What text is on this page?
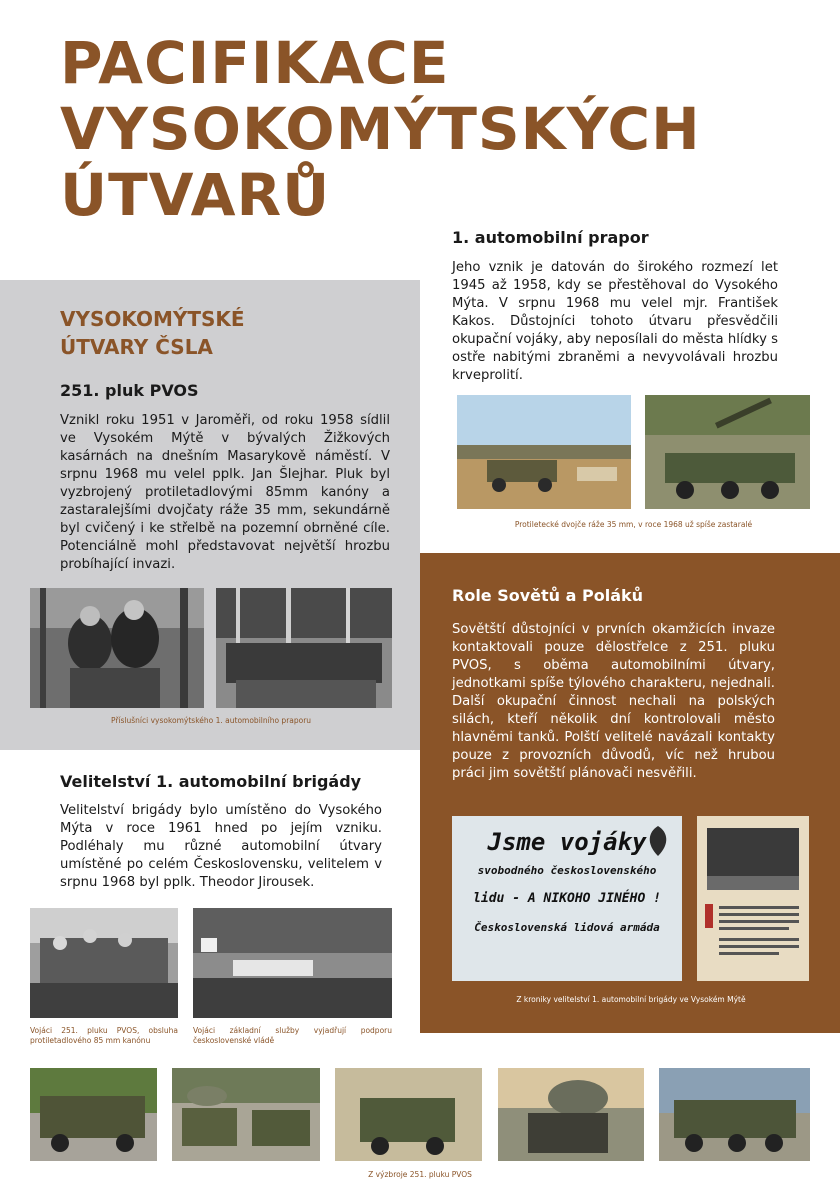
PACIFIKACE
VYSOKOMÝTSKÝCH
ÚTVARŮ

VYSOKOMÝTSKÉ

ÚTVARY ČSLA

251. pluk PVOS

Vznikl roku 1951 v Jaroměři, od roku 1958 sídlil ve Vysokém Mýtě v bývalých Žižkových kasárnách na dnešním Masarykově náměstí. V srpnu 1968 mu velel pplk. Jan Šlejhar. Pluk byl vyzbrojený protiletadlovými 85mm kanóny a zastaralejšími dvojčaty ráže 35 mm, sekundárně byl cvičený i ke střelbě na pozemní obrněné cíle. Potenciálně mohl představovat největší hrozbu probíhající invazi.

Příslušníci vysokomýtského 1. automobilního praporu

1. automobilní prapor

Jeho vznik je datován do širokého rozmezí let 1945 až 1958, kdy se přestěhoval do Vysokého Mýta. V srpnu 1968 mu velel mjr. František Kakos. Důstojníci tohoto útvaru přesvědčili okupační vojáky, aby neposílali do města hlídky s ostře nabitými zbraněmi a nevyvolávali hrozbu krveprolití.

Protiletecké dvojče ráže 35 mm, v roce 1968 už spíše zastaralé

Velitelství 1. automobilní brigády

Velitelství brigády bylo umístěno do Vysokého Mýta v roce 1961 hned po jejím vzniku. Podléhaly mu různé automobilní útvary umístěné po celém Československu, velitelem v srpnu 1968 byl pplk. Theodor Jirousek.

Vojáci 251. pluku PVOS, obsluha protiletadlového 85 mm kanónu

Vojáci základní služby vyjadřují podporu československé vládě

Role Sovětů a Poláků

Sovětští důstojníci v prvních okamžicích invaze kontaktovali pouze dělostřelce z 251. pluku PVOS, s oběma automobilními útvary, jednotkami spíše týlového charakteru, nejednali. Další okupační činnost nechali na polských silách, kteří několik dní kontrolovali město hlavněmi tanků. Polští velitelé navázali kontakty pouze z provozních důvodů, víc než hrubou práci jim sovětští plánovači nesvěřili.

Jsme vojáky
svobodného československého
lidu - A NIKOHO JINÉHO !
Československá lidová armáda

Z kroniky velitelství 1. automobilní brigády ve Vysokém Mýtě

Z výzbroje 251. pluku PVOS
